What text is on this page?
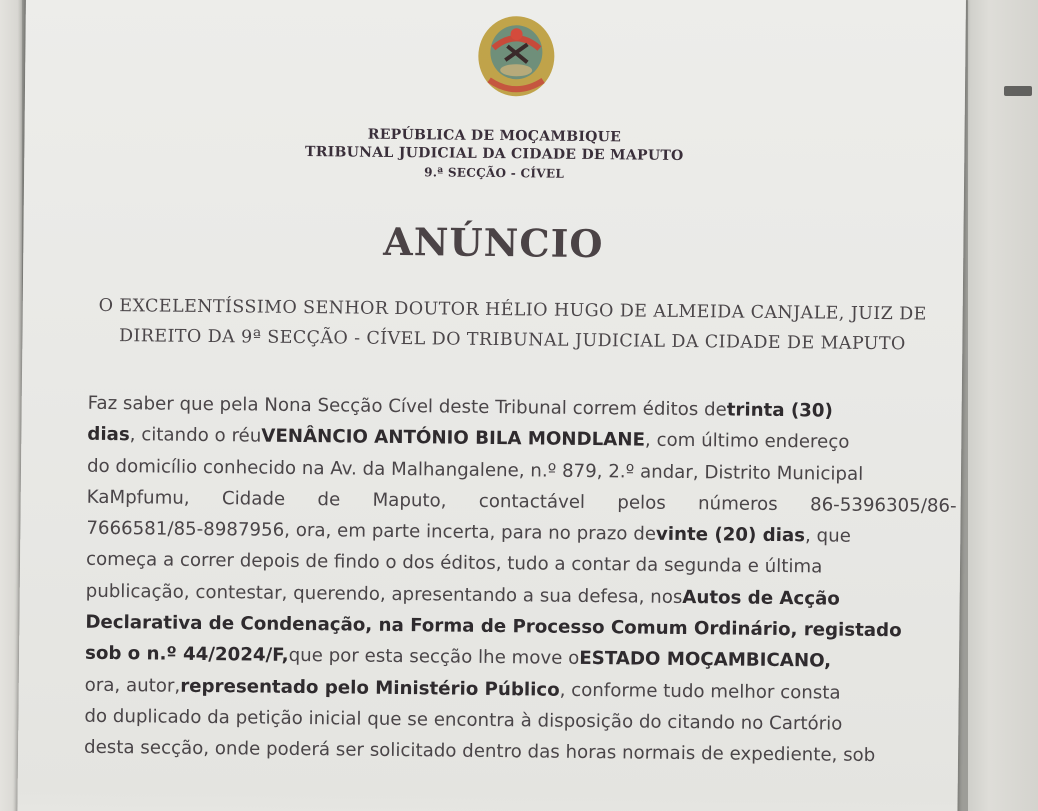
REPÚBLICA DE MOÇAMBIQUE
TRIBUNAL JUDICIAL DA CIDADE DE MAPUTO
9.ª SECÇÃO - CÍVEL
ANÚNCIO
O EXCELENTÍSSIMO SENHOR DOUTOR HÉLIO HUGO DE ALMEIDA CANJALE, JUIZ DE
DIREITO DA 9ª SECÇÃO - CÍVEL DO TRIBUNAL JUDICIAL DA CIDADE DE MAPUTO
Faz saber que pela Nona Secção Cível deste Tribunal correm éditos de trinta (30)
dias , citando o réu VENÂNCIO ANTÓNIO BILA MONDLANE , com último endereço
do domicílio conhecido na Av. da Malhangalene, n.º 879, 2.º andar, Distrito Municipal
KaMpfumu, Cidade de Maputo, contactável pelos números 86-5396305/86-
7666581/85-8987956, ora, em parte incerta, para no prazo de vinte (20) dias , que
começa a correr depois de findo o dos éditos, tudo a contar da segunda e última
publicação, contestar, querendo, apresentando a sua defesa, nos Autos de Acção
Declarativa de Condenação, na Forma de Processo Comum Ordinário, registado
sob o n.º 44/2024/F, que por esta secção lhe move o ESTADO MOÇAMBICANO,
ora, autor, representado pelo Ministério Público , conforme tudo melhor consta
do duplicado da petição inicial que se encontra à disposição do citando no Cartório
desta secção, onde poderá ser solicitado dentro das horas normais de expediente, sob
